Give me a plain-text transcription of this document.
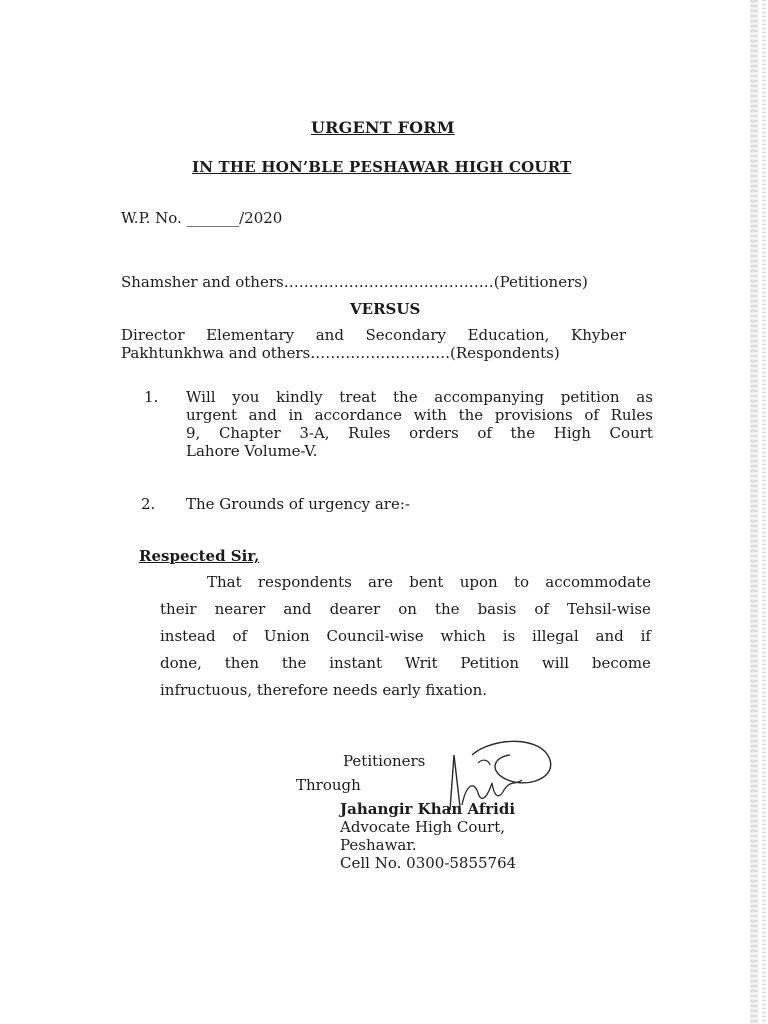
URGENT FORM
IN THE HON’BLE PESHAWAR HIGH COURT
W.P. No. _______/2020
Shamsher and others……………………………………(Petitioners)
VERSUS
Director Elementary and Secondary Education, Khyber
Pakhtunkhwa and others……………………….(Respondents)
1. Will you kindly treat the accompanying petition as
urgent and in accordance with the provisions of Rules
9, Chapter 3-A, Rules orders of the High Court
Lahore Volume-V.
2. The Grounds of urgency are:-
Respected Sir,
That respondents are bent upon to accommodate
their nearer and dearer on the basis of Tehsil-wise
instead of Union Council-wise which is illegal and if
done, then the instant Writ Petition will become
infructuous, therefore needs early fixation.
Petitioners
Through
Jahangir Khan Afridi
Advocate High Court,
Peshawar.
Cell No. 0300-5855764
